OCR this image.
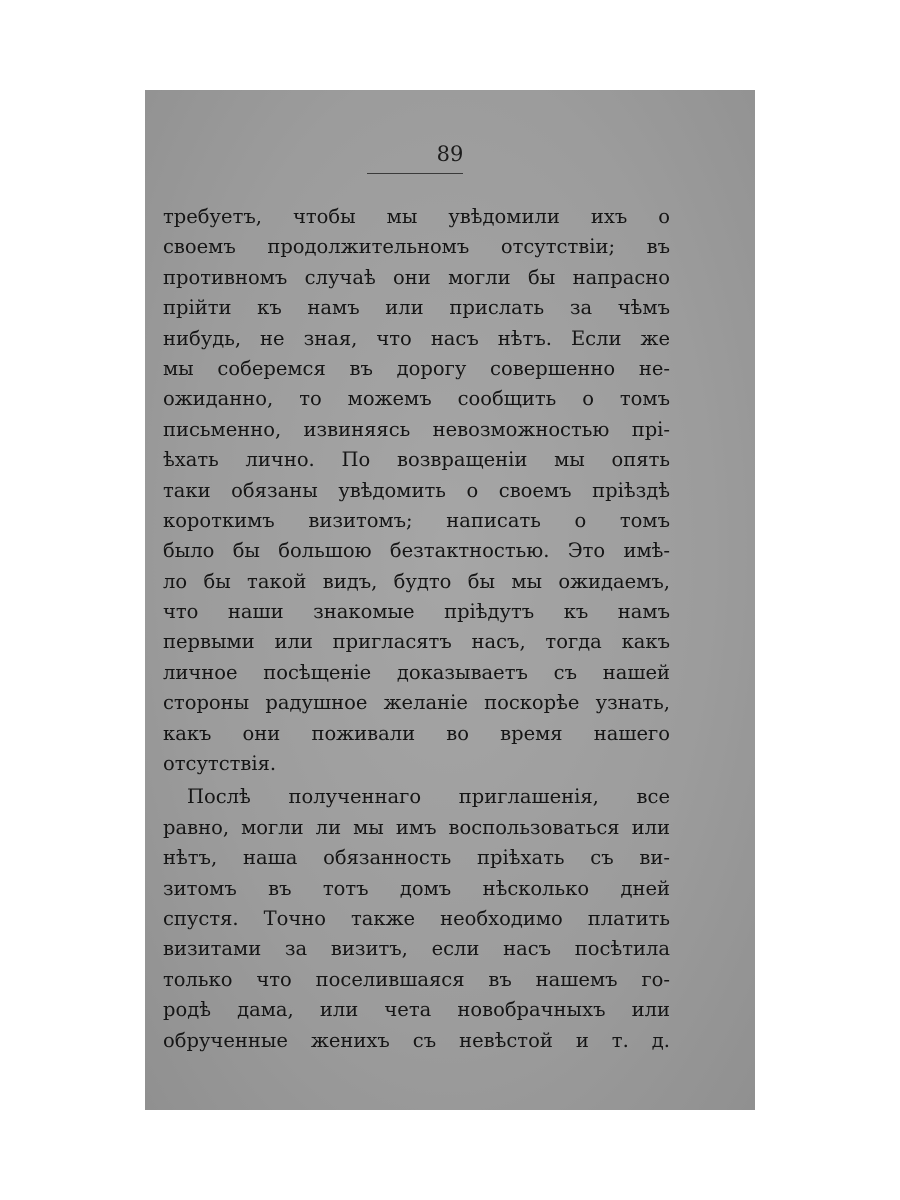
89
требуетъ, чтобы мы увѣдомили ихъ о
своемъ продолжительномъ отсутствiи; въ
противномъ случаѣ они могли бы напрасно
прiйти къ намъ или прислать за чѣмъ
нибудь, не зная, что насъ нѣтъ. Если же
мы соберемся въ дорогу совершенно не-
ожиданно, то можемъ сообщить о томъ
письменно, извиняясь невозможностью прi-
ѣхать лично. По возвращенiи мы опять
таки обязаны увѣдомить о своемъ прiѣздѣ
короткимъ визитомъ; написать о томъ
было бы большою безтактностью. Это имѣ-
ло бы такой видъ, будто бы мы ожидаемъ,
что наши знакомые прiѣдутъ къ намъ
первыми или пригласятъ насъ, тогда какъ
личное посѣщенiе доказываетъ съ нашей
стороны радушное желанiе поскорѣе узнать,
какъ они поживали во время нашего
отсутствiя.
Послѣ полученнаго приглашенiя, все
равно, могли ли мы имъ воспользоваться или
нѣтъ, наша обязанность прiѣхать съ ви-
зитомъ въ тотъ домъ нѣсколько дней
спустя. Точно также необходимо платить
визитами за визитъ, если насъ посѣтила
только что поселившаяся въ нашемъ го-
родѣ дама, или чета новобрачныхъ или
обрученные женихъ съ невѣстой и т. д.
